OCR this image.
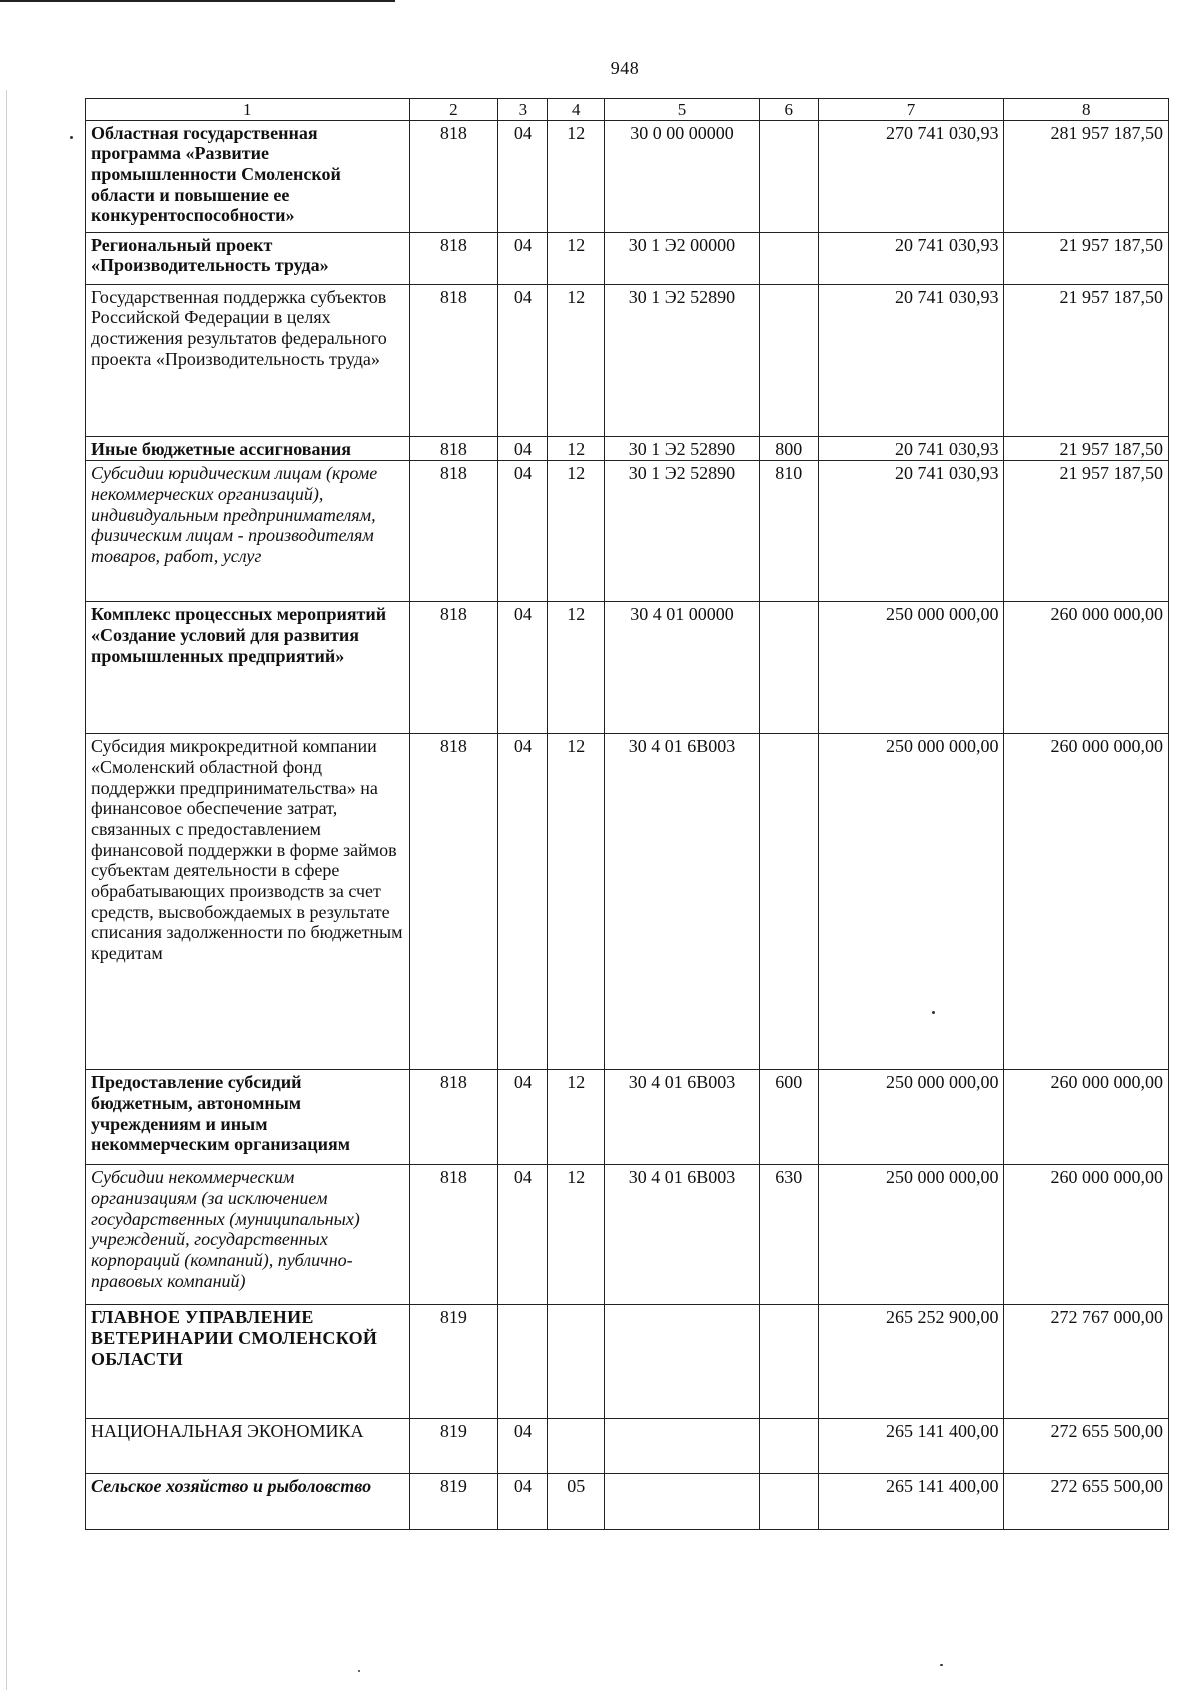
948
1	2	3	4	5	6	7	8
Областная государственная программа «Развитие промышленности Смоленской области и повышение ее конкурентоспособности»	818	04	12	30 0 00 00000		270 741 030,93	281 957 187,50
Региональный проект «Производительность труда»	818	04	12	30 1 Э2 00000		20 741 030,93	21 957 187,50
Государственная поддержка субъектов Российской Федерации в целях достижения результатов федерального проекта «Производительность труда»	818	04	12	30 1 Э2 52890		20 741 030,93	21 957 187,50
Иные бюджетные ассигнования	818	04	12	30 1 Э2 52890	800	20 741 030,93	21 957 187,50
Субсидии юридическим лицам (кроме некоммерческих организаций), индивидуальным предпринимателям, физическим лицам - производителям товаров, работ, услуг	818	04	12	30 1 Э2 52890	810	20 741 030,93	21 957 187,50
Комплекс процессных мероприятий «Создание условий для развития промышленных предприятий»	818	04	12	30 4 01 00000		250 000 000,00	260 000 000,00
Субсидия микрокредитной компании «Смоленский областной фонд поддержки предпринимательства» на финансовое обеспечение затрат, связанных с предоставлением финансовой поддержки в форме займов субъектам деятельности в сфере обрабатывающих производств за счет средств, высвобождаемых в результате списания задолженности по бюджетным кредитам	818	04	12	30 4 01 6В003		250 000 000,00	260 000 000,00
Предоставление субсидий бюджетным, автономным учреждениям и иным некоммерческим организациям	818	04	12	30 4 01 6В003	600	250 000 000,00	260 000 000,00
Субсидии некоммерческим организациям (за исключением государственных (муниципальных) учреждений, государственных корпораций (компаний), публично-правовых компаний)	818	04	12	30 4 01 6В003	630	250 000 000,00	260 000 000,00
ГЛАВНОЕ УПРАВЛЕНИЕ ВЕТЕРИНАРИИ СМОЛЕНСКОЙ ОБЛАСТИ	819					265 252 900,00	272 767 000,00
НАЦИОНАЛЬНАЯ ЭКОНОМИКА	819	04				265 141 400,00	272 655 500,00
Сельское хозяйство и рыболовство	819	04	05			265 141 400,00	272 655 500,00
